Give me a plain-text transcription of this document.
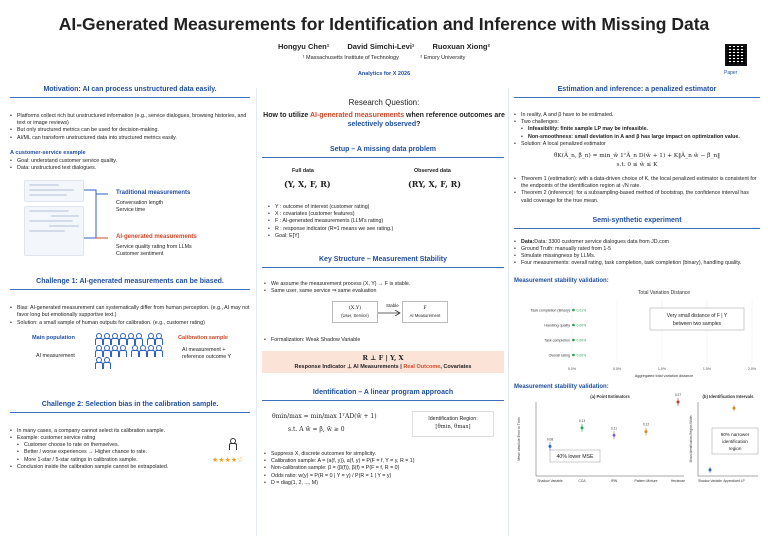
AI-Generated Measurements for Identification and Inference with Missing Data
Hongyu Chen¹ David Simchi-Levi¹ Ruoxuan Xiong²
¹ Massachusetts Institute of Technology	² Emory University
Analytics for X 2026	Paper
Motivation: AI can process unstructured data easily.
• Platforms collect rich but unstructured information (e.g., service dialogues, browsing histories, and text or image reviews)
• But only structured metrics can be used for decision-making.
• AI/ML can transform unstructured data into structured metrics easily.
A customer-service example
• Goal: understand customer service quality.
• Data: unstructured text dialogues.
Traditional measurements
Conversation length
Service time
AI-generated measurements
Service quality rating from LLMs
Customer sentiment
Challenge 1: AI-generated measurements can be biased.
• Bias: AI-generated measurement can systematically differ from human perception. (e.g., AI may not favor long but emotionally supportive text.)
• Solution: a small sample of human outputs for calibration. (e.g., customer rating)
Main population
AI measurement

Calibration sample
AI measurement + reference outcome Y
Challenge 2: Selection bias in the calibration sample.
• In many cases, a company cannot select its calibration sample.
• Example: customer service rating
• Customer choose to rate on themselves.
• Better / worse experiences → Higher chance to rate.
• More 1-star / 5-star ratings in calibration sample.
• Conclusion inside the calibration sample cannot be extrapolated.
★★★★☆
Research Question:
How to utilize AI-generated measurements when reference outcomes are selectively observed?
Setup – A missing data problem
Full data	Observed data
(Y, X, F, R)	(RY, X, F, R)
• Y : outcome of interest (customer rating)
• X : covariates (customer features)
• F : AI-generated measurements (LLM's rating)
• R : response indicator (R=1 means we see rating.)
• Goal: E[Y]
Key Structure – Measurement Stability
• We assume the measurement process (X, Y) → F is stable.
• Same user, same service ⇒ same evaluation
(X,Y)
(User, Service)
Stable	F
AI Measurement
• Formalization: Weak Shadow Variable
R ⊥ F | Y, X
Response Indicator ⊥ AI Measurements | Real Outcome, Covariates
Identification – A linear program approach
θmin/max = min/max 1ᵀAD(w̃ + 1)
s.t. A w̃ = β, w̃ ≥ 0
Identification Region:
[θmin, θmax]
• Suppress X, discrete outcomes for simplicity.
• Calibration sample: A = (a(f, y)), a(f, y) = P(F = f, Y = y, R = 1)
• Non-calibration sample: β = (β(f)), β(f) = P(F = f, R = 0)
• Odds ratio: w(y) = P(R = 0 | Y = y) / P(R = 1 | Y = y)
• D = diag(1, 2, ..., M)
Estimation and inference: a penalized estimator
• In reality, A and β have to be estimated.
• Two challenges:
• Infeasibility: finite sample LP may be infeasible.
• Non-smoothness: small deviation in A and β has large impact on optimization value.
• Solution: A local penalized estimator
θ̂K(Â_n, β̂_n) = min_w̃ 1ᵀÂ_n D(w̃ + 1) + K‖Â_n w̃ − β̂_n‖
s.t. 0 ≤ w̃ ≤ K
• Theorem 1 (estimation): with a data-driven choice of K, the local penalized estimator is consistent for the endpoints of the identification region at √N rate.
• Theorem 2 (inference): for a subsampling-based method of bootstrap, the confidence interval has valid coverage for the true mean.
Semi-synthetic experiment
• Data:Data: 3300 customer service dialogues data from JD.com
• Ground Truth: manually rated from 1-5
• Simulate missingness by LLMs.
• Four measurements: overall rating, task completion, task completion (binary), handling quality.
Measurement stability validation:
Total Variation Distance
0.0%	0.5%	1.0%	1.5%	2.0%
Task completion (Binary) 0.01%
Handling quality 0.00%
Task completion 0.00%
Overall rating 0.00%
Aggregated total variation distance
Very small distance of F | Y
between two samples
Measurement stability validation:
(a) Point Estimators
0.08
Shadow Variable
0.13
CCA
0.11
IPW
0.12
Pattern Mixture
0.27
Heckman
Mean absolute Error to Truth	40% lower MSE
(b) Identification Intervals
Mean Identification Region Width
Shadow Variable Appendiced LP
90% narrower
identification
region
